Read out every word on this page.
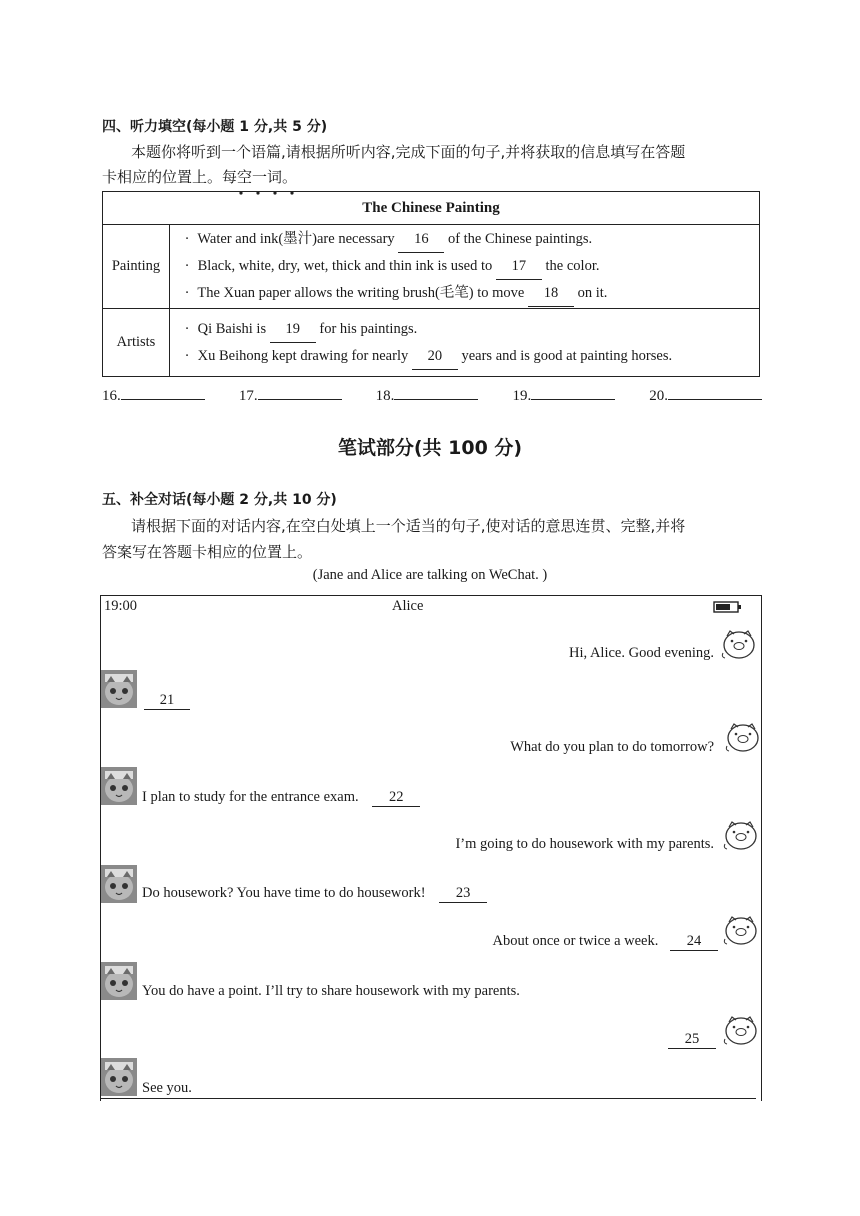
四、听力填空(每小题 1 分,共 5 分)
本题你将听到一个语篇,请根据所听内容,完成下面的句子,并将获取的信息填写在答题
卡相应的位置上。每空一词。
The Chinese Painting	
Painting	· Water and ink(墨汁)are necessary 16 of the Chinese paintings.
· Black, white, dry, wet, thick and thin ink is used to 17 the color.
· The Xuan paper allows the writing brush(毛笔) to move 18 on it.

Artists	· Qi Baishi is 19 for his paintings.
· Xu Beihong kept drawing for nearly 20 years and is good at painting horses.
16.	17.	18.	19.	20.
笔试部分(共 100 分)
五、补全对话(每小题 2 分,共 10 分)
请根据下面的对话内容,在空白处填上一个适当的句子,使对话的意思连贯、完整,并将
答案写在答题卡相应的位置上。
(Jane and Alice are talking on WeChat. )
19:00	Alice
Hi, Alice. Good evening.
21
What do you plan to do tomorrow?
I plan to study for the entrance exam. 22
I’m going to do housework with my parents.
Do housework? You have time to do housework! 23
About once or twice a week. 24
You do have a point. I’ll try to share housework with my parents.
25
See you.
